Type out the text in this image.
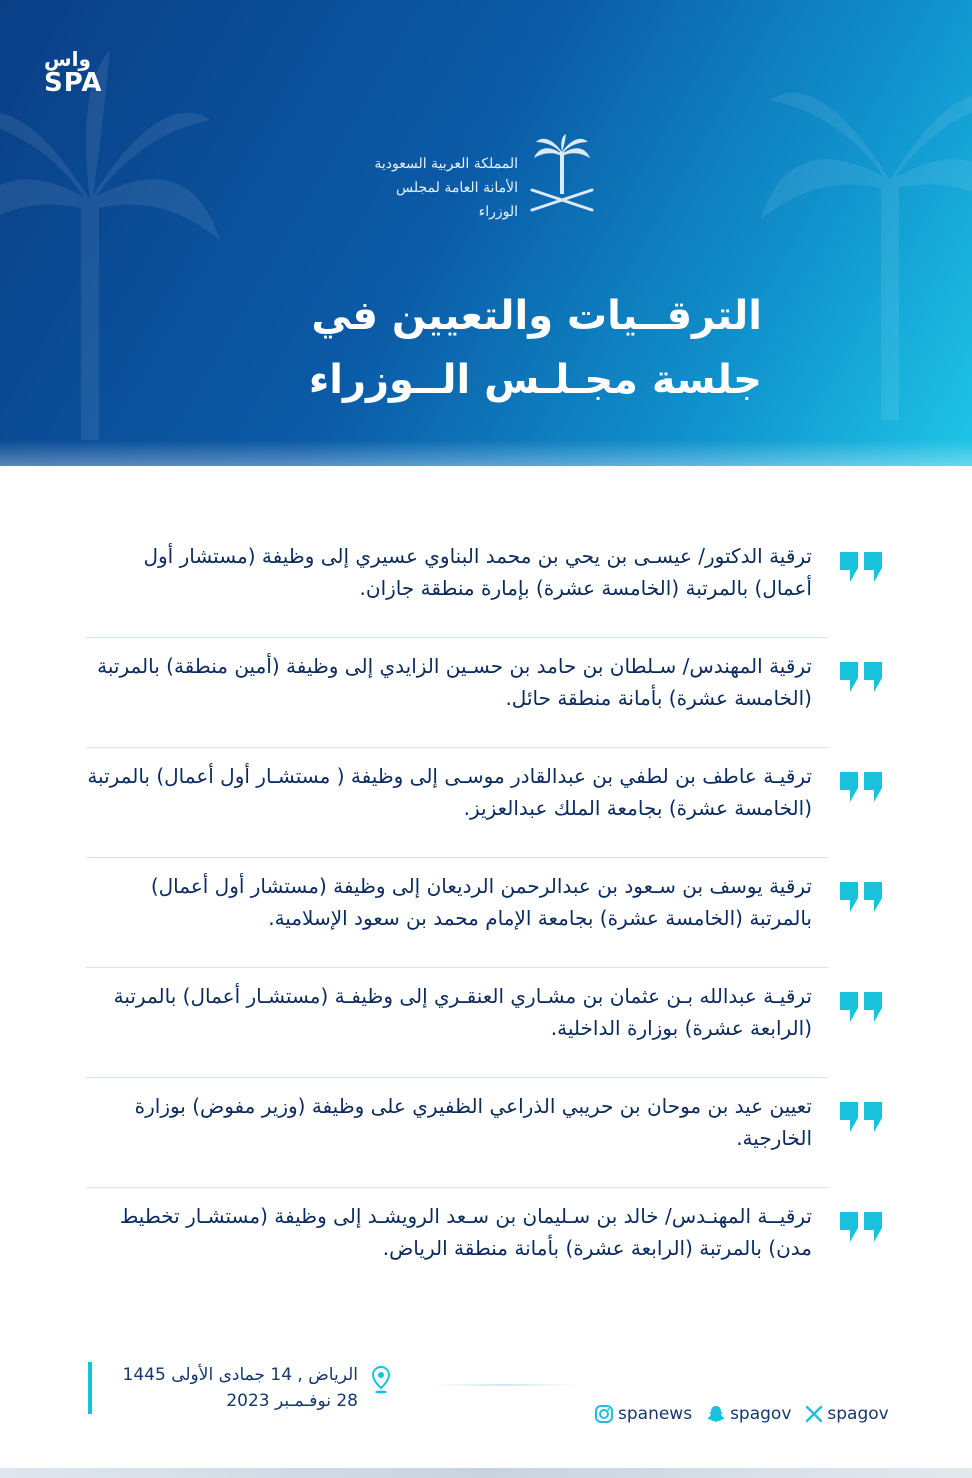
واس
SPA
المملكة العربية السعودية
الأمانة العامة لمجلس الوزراء
الترقــيات والتعيين في جلسة مجـلـس الــوزراء
ترقية الدكتور/ عيسـى بن يحي بن محمد البناوي عسيري إلى وظيفة (مستشار أول أعمال) بالمرتبة (الخامسة عشرة) بإمارة منطقة جازان.
ترقية المهندس/ سـلطان بن حامد بن حسـين الزايدي إلى وظيفة (أمين منطقة) بالمرتبة (الخامسة عشرة) بأمانة منطقة حائل.
ترقيـة عاطف بن لطفي بن عبدالقادر موسـى إلى وظيفة ( مستشـار أول أعمال) بالمرتبة (الخامسة عشرة) بجامعة الملك عبدالعزيز.
ترقية يوسف بن سـعود بن عبدالرحمن الرديعان إلى وظيفة (مستشار أول أعمال) بالمرتبة (الخامسة عشرة) بجامعة الإمام محمد بن سعود الإسلامية.
ترقيـة عبدالله بـن عثمان بن مشـاري العنقـري إلى وظيفـة (مستشـار أعمال) بالمرتبة (الرابعة عشرة) بوزارة الداخلية.
تعيين عيد بن موحان بن حريبي الذراعي الظفيري على وظيفة (وزير مفوض) بوزارة الخارجية.
ترقيــة المهنـدس/ خالد بن سـليمان بن سـعد الرويشـد إلى وظيفة (مستشـار تخطيط مدن) بالمرتبة (الرابعة عشرة) بأمانة منطقة الرياض.
الرياض , 14 جمادى الأولى 1445
28 نوفـمـبر 2023
spanews spagov spagov
